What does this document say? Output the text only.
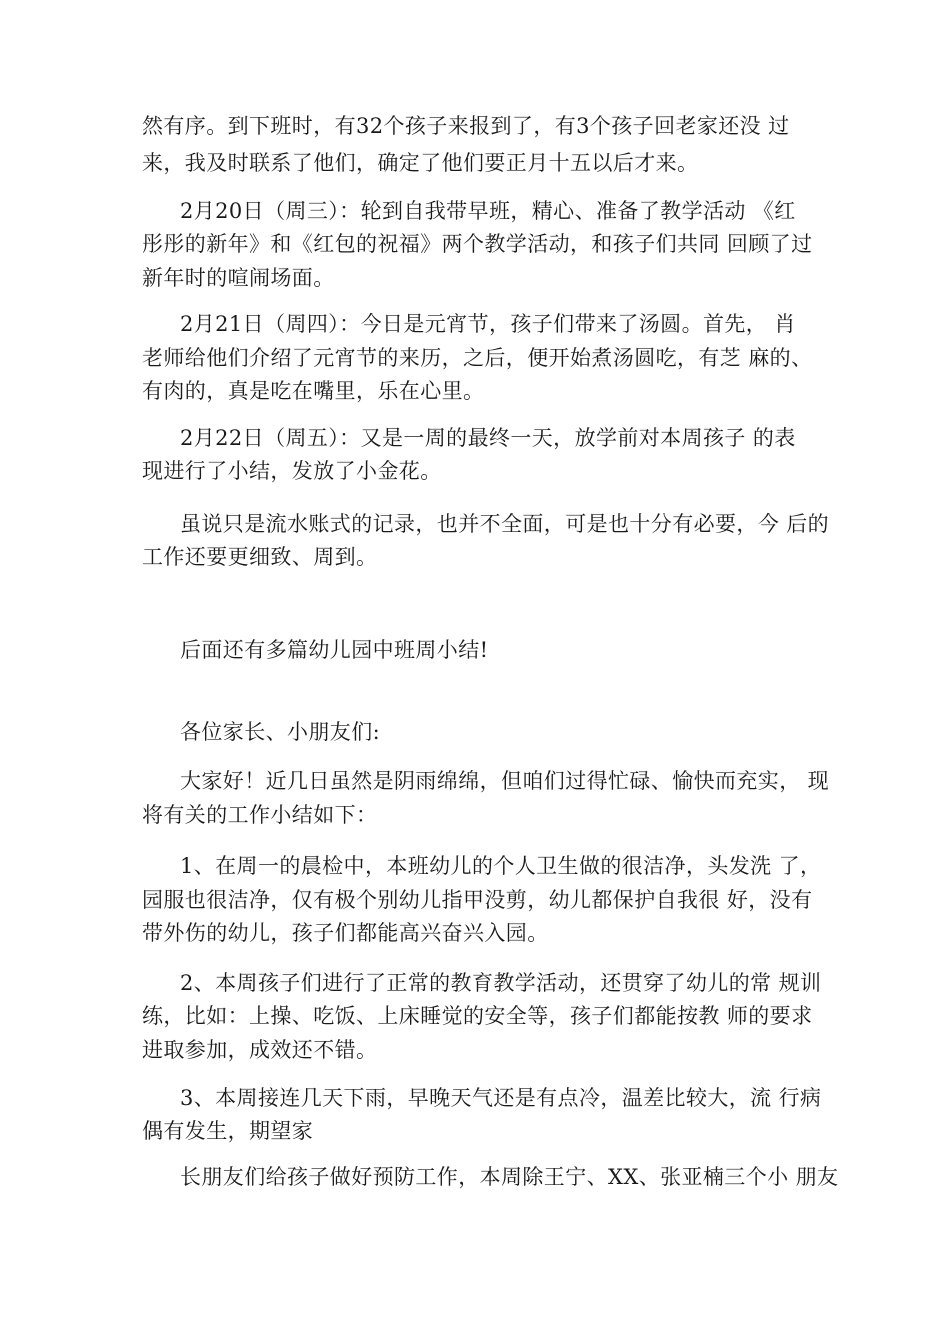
然有序。到下班时，有32个孩子来报到了，有3个孩子回老家还没 过
来，我及时联系了他们，确定了他们要正月十五以后才来。
2月20日（周三）：轮到自我带早班，精心、准备了教学活动 《红
彤彤的新年》和《红包的祝福》两个教学活动，和孩子们共同 回顾了过
新年时的喧闹场面。
2月21日（周四）：今日是元宵节，孩子们带来了汤圆。首先， 肖
老师给他们介绍了元宵节的来历，之后，便开始煮汤圆吃，有芝 麻的、
有肉的，真是吃在嘴里，乐在心里。
2月22日（周五）：又是一周的最终一天，放学前对本周孩子 的表
现进行了小结，发放了小金花。
虽说只是流水账式的记录，也并不全面，可是也十分有必要，今 后的
工作还要更细致、周到。
后面还有多篇幼儿园中班周小结!
各位家长、小朋友们:
大家好！近几日虽然是阴雨绵绵，但咱们过得忙碌、愉快而充实， 现
将有关的工作小结如下：
1、在周一的晨检中，本班幼儿的个人卫生做的很洁净，头发洗 了，
园服也很洁净，仅有极个别幼儿指甲没剪，幼儿都保护自我很 好，没有
带外伤的幼儿，孩子们都能高兴奋兴入园。
2、本周孩子们进行了正常的教育教学活动，还贯穿了幼儿的常 规训
练，比如：上操、吃饭、上床睡觉的安全等，孩子们都能按教 师的要求
进取参加，成效还不错。
3、本周接连几天下雨，早晚天气还是有点冷，温差比较大，流 行病
偶有发生，期望家
长朋友们给孩子做好预防工作，本周除王宁、XX、张亚楠三个小 朋友
